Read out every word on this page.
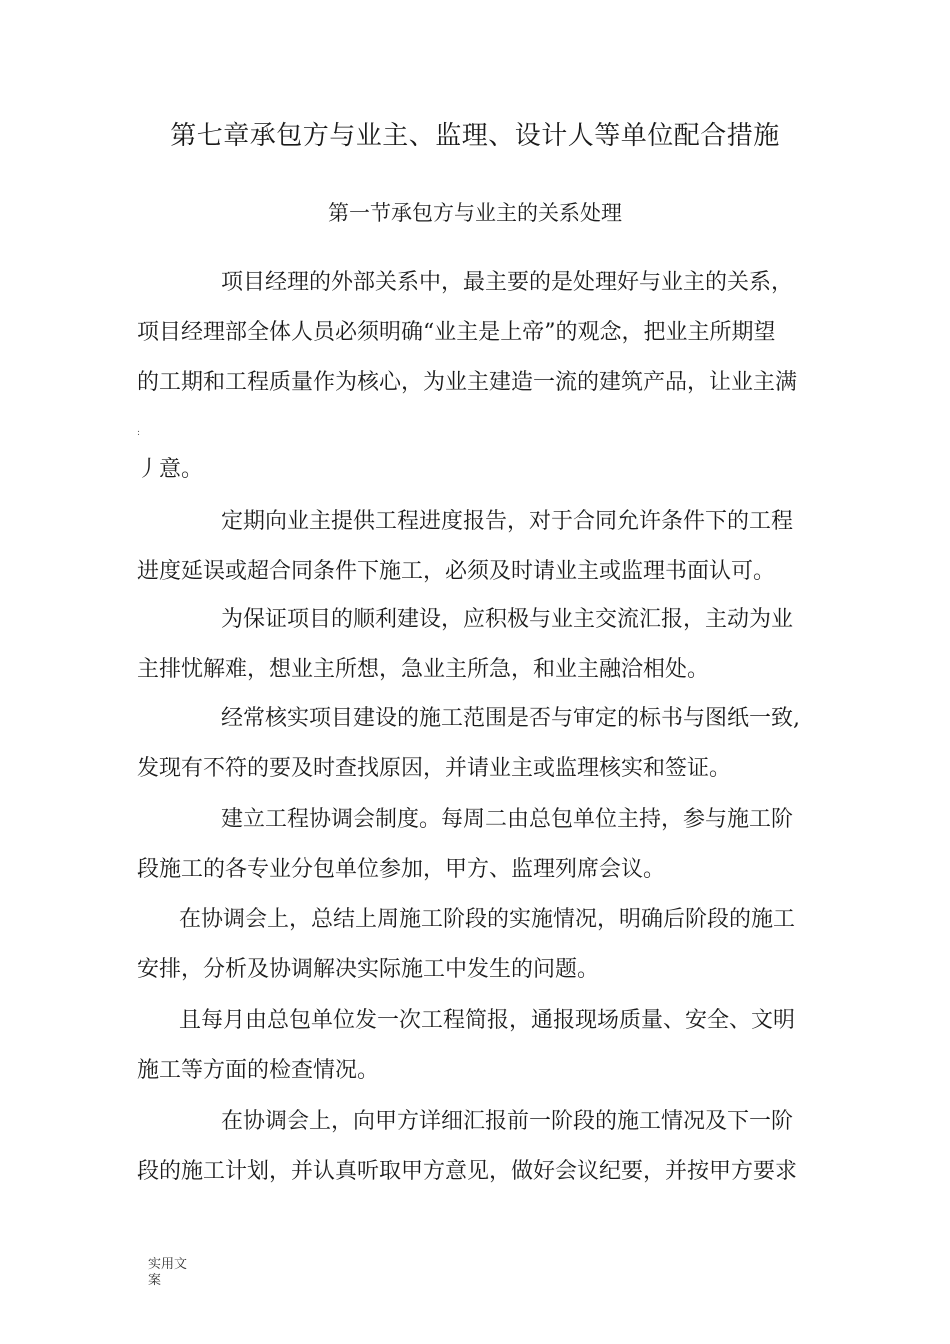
第七章承包方与业主、监理、设计人等单位配合措施
第一节承包方与业主的关系处理
项目经理的外部关系中，最主要的是处理好与业主的关系，
项目经理部全体人员必须明确“业主是上帝”的观念，把业主所期望
的工期和工程质量作为核心，为业主建造一流的建筑产品，让业主满
:
丿意。
定期向业主提供工程进度报告，对于合同允许条件下的工程
进度延误或超合同条件下施工，必须及时请业主或监理书面认可。
为保证项目的顺利建设，应积极与业主交流汇报，主动为业
主排忧解难，想业主所想，急业主所急，和业主融洽相处。
经常核实项目建设的施工范围是否与审定的标书与图纸一致,
发现有不符的要及时查找原因，并请业主或监理核实和签证。
建立工程协调会制度。每周二由总包单位主持，参与施工阶
段施工的各专业分包单位参加，甲方、监理列席会议。
在协调会上，总结上周施工阶段的实施情况，明确后阶段的施工
安排，分析及协调解决实际施工中发生的问题。
且每月由总包单位发一次工程简报，通报现场质量、安全、文明
施工等方面的检查情况。
在协调会上，向甲方详细汇报前一阶段的施工情况及下一阶
段的施工计划，并认真听取甲方意见，做好会议纪要，并按甲方要求
实用文案
